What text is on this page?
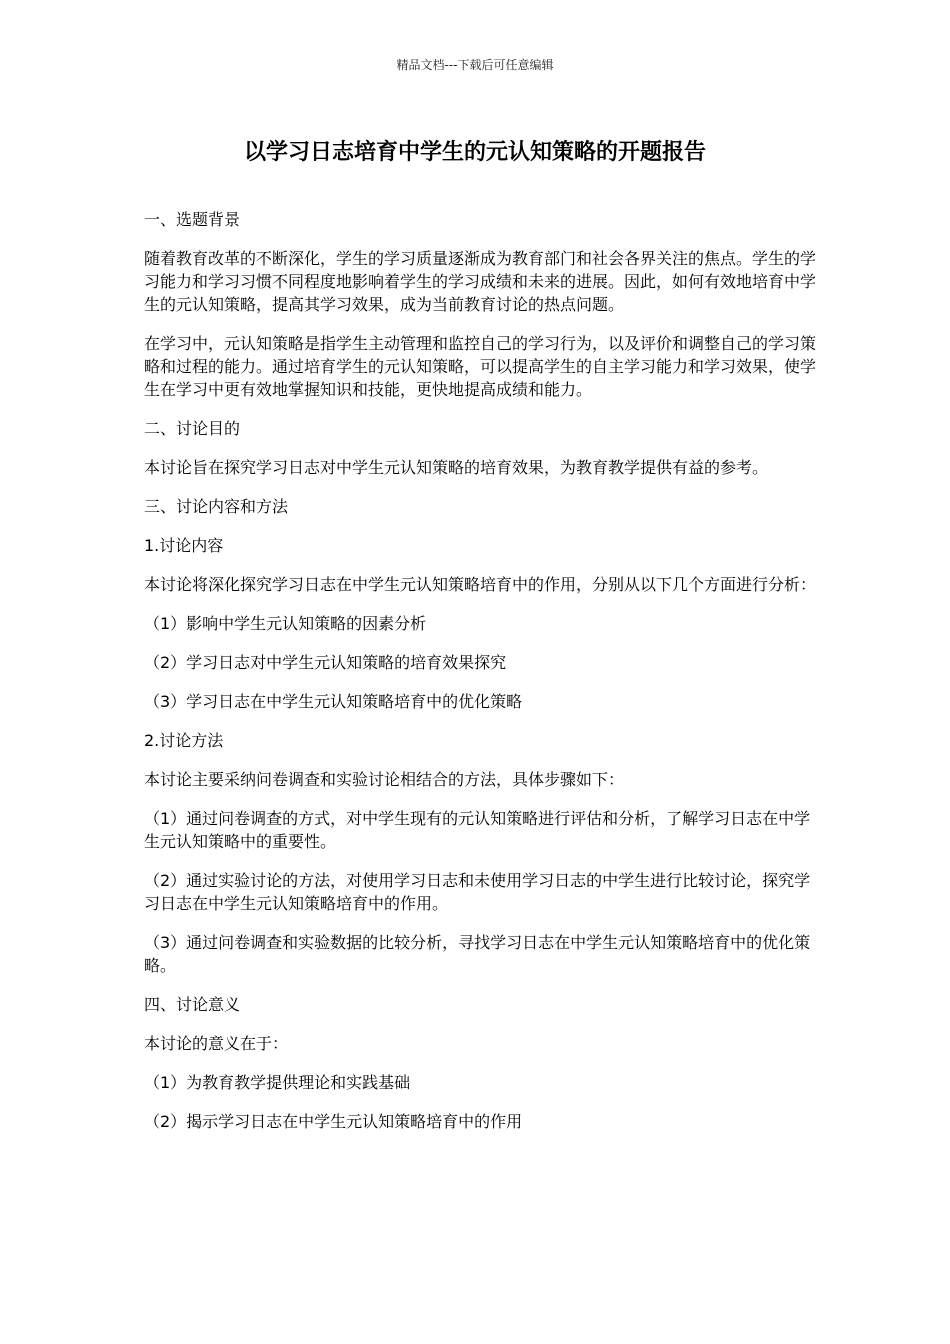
精品文档---下载后可任意编辑
以学习日志培育中学生的元认知策略的开题报告

一、选题背景

随着教育改革的不断深化，学生的学习质量逐渐成为教育部门和社会各界关注的焦点。学生的学习能力和学习习惯不同程度地影响着学生的学习成绩和未来的进展。因此，如何有效地培育中学生的元认知策略，提高其学习效果，成为当前教育讨论的热点问题。

在学习中，元认知策略是指学生主动管理和监控自己的学习行为，以及评价和调整自己的学习策略和过程的能力。通过培育学生的元认知策略，可以提高学生的自主学习能力和学习效果，使学生在学习中更有效地掌握知识和技能，更快地提高成绩和能力。

二、讨论目的

本讨论旨在探究学习日志对中学生元认知策略的培育效果，为教育教学提供有益的参考。

三、讨论内容和方法

1.讨论内容

本讨论将深化探究学习日志在中学生元认知策略培育中的作用，分别从以下几个方面进行分析：

（1）影响中学生元认知策略的因素分析

（2）学习日志对中学生元认知策略的培育效果探究

（3）学习日志在中学生元认知策略培育中的优化策略

2.讨论方法

本讨论主要采纳问卷调查和实验讨论相结合的方法，具体步骤如下：

（1）通过问卷调查的方式，对中学生现有的元认知策略进行评估和分析，了解学习日志在中学生元认知策略中的重要性。

（2）通过实验讨论的方法，对使用学习日志和未使用学习日志的中学生进行比较讨论，探究学习日志在中学生元认知策略培育中的作用。

（3）通过问卷调查和实验数据的比较分析，寻找学习日志在中学生元认知策略培育中的优化策略。

四、讨论意义

本讨论的意义在于：

（1）为教育教学提供理论和实践基础

（2）揭示学习日志在中学生元认知策略培育中的作用
